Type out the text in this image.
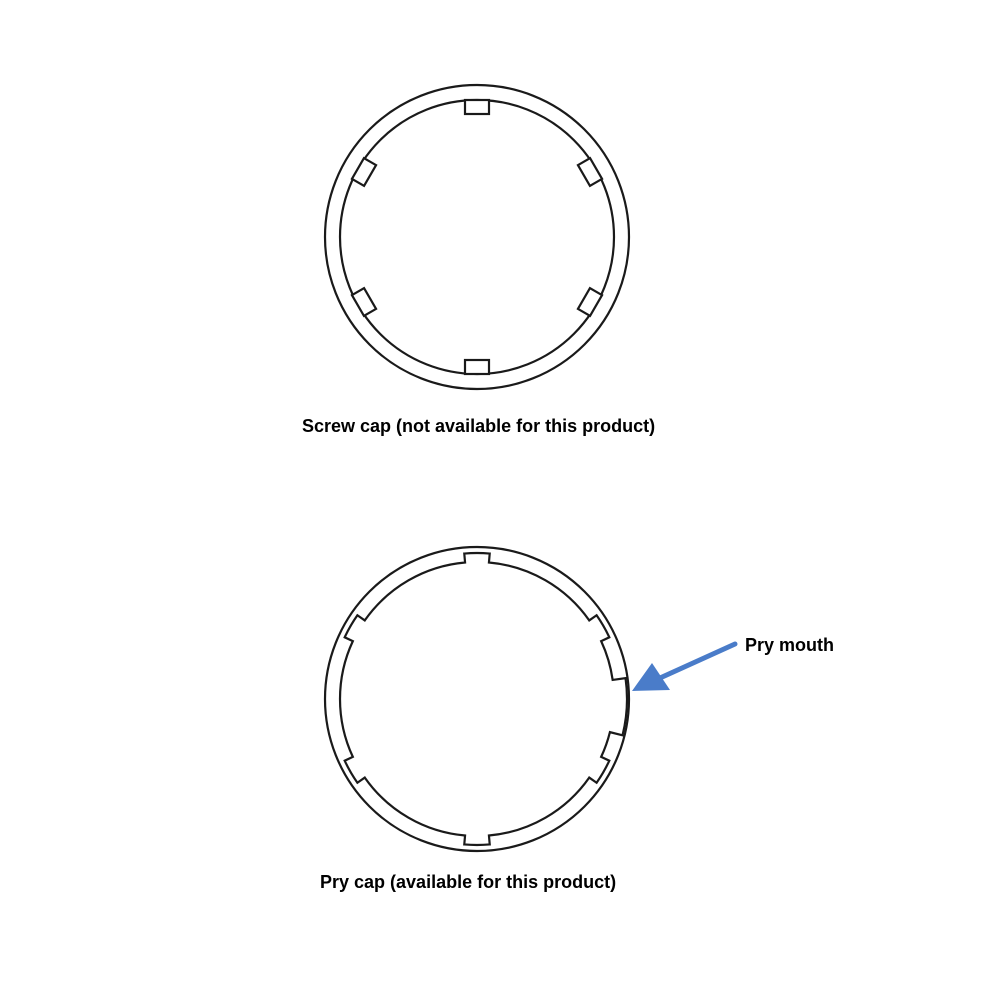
Screw cap (not available for this product)
Pry cap (available for this product)
Pry mouth
